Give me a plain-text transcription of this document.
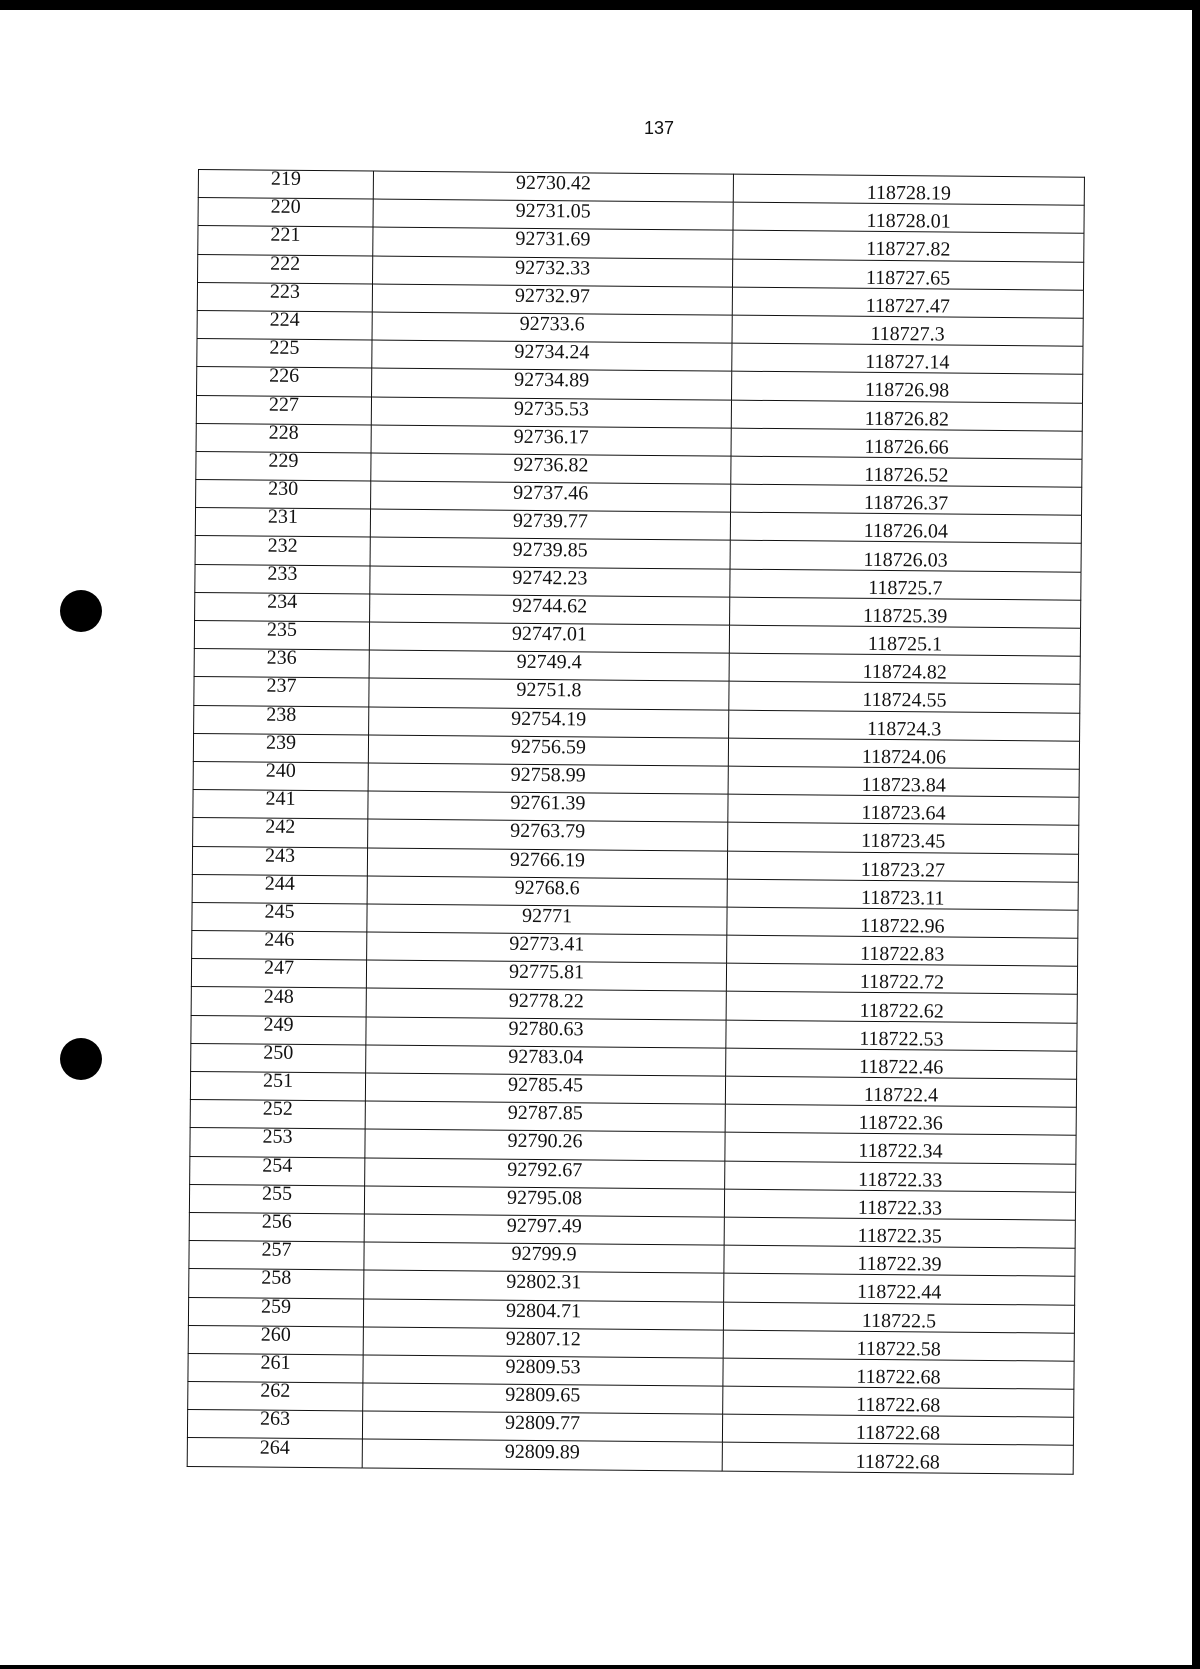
137
219	92730.42	118728.19
220	92731.05	118728.01
221	92731.69	118727.82
222	92732.33	118727.65
223	92732.97	118727.47
224	92733.6	118727.3
225	92734.24	118727.14
226	92734.89	118726.98
227	92735.53	118726.82
228	92736.17	118726.66
229	92736.82	118726.52
230	92737.46	118726.37
231	92739.77	118726.04
232	92739.85	118726.03
233	92742.23	118725.7
234	92744.62	118725.39
235	92747.01	118725.1
236	92749.4	118724.82
237	92751.8	118724.55
238	92754.19	118724.3
239	92756.59	118724.06
240	92758.99	118723.84
241	92761.39	118723.64
242	92763.79	118723.45
243	92766.19	118723.27
244	92768.6	118723.11
245	92771	118722.96
246	92773.41	118722.83
247	92775.81	118722.72
248	92778.22	118722.62
249	92780.63	118722.53
250	92783.04	118722.46
251	92785.45	118722.4
252	92787.85	118722.36
253	92790.26	118722.34
254	92792.67	118722.33
255	92795.08	118722.33
256	92797.49	118722.35
257	92799.9	118722.39
258	92802.31	118722.44
259	92804.71	118722.5
260	92807.12	118722.58
261	92809.53	118722.68
262	92809.65	118722.68
263	92809.77	118722.68
264	92809.89	118722.68
